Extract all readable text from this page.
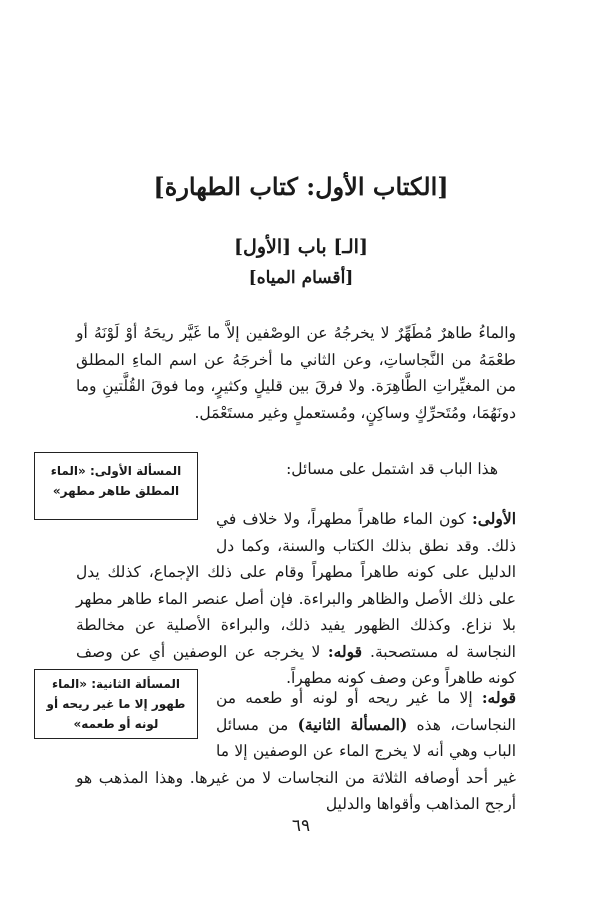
[الكتاب الأول: كتاب الطهارة]
[الـ] باب [الأول]
[أقسام المياه]

والماءُ طاهرٌ مُطَهِّرٌ لا يخرجُهُ عن الوصْفين إلاَّ ما غَيَّر ريحَهُ أوْ لَوْنَهُ أو طعْمَهُ من النَّجاساتِ، وعن الثاني ما أخرجَهُ عن اسم الماءِ المطلق من المغيِّراتِ الطَّاهِرَة. ولا فرقَ بين قليلٍ وكثيرٍ، وما فوقَ القُلَّتينِ وما دونَهُمَا، ومُتَحرِّكٍ وساكِنٍ، ومُستعملٍ وغير مستَعْمَل.

هذا الباب قد اشتمل على مسائل:

المسألة الأولى: «الماء المطلق طاهر مطهر»

الأولى: كون الماء طاهراً مطهراً، ولا خلاف في ذلك. وقد نطق بذلك الكتاب والسنة، وكما دل الدليل على كونه طاهراً مطهراً وقام على ذلك الإجماع، كذلك يدل على ذلك الأصل والظاهر والبراءة. فإن أصل عنصر الماء طاهر مطهر بلا نزاع. وكذلك الظهور يفيد ذلك، والبراءة الأصلية عن مخالطة النجاسة له مستصحبة. قوله: لا يخرجه عن الوصفين أي عن وصف كونه طاهراً وعن وصف كونه مطهراً.

المسألة الثانية: «الماء طهور إلا ما غير ريحه أو لونه أو طعمه»

قوله: إلا ما غير ريحه أو لونه أو طعمه من النجاسات، هذه (المسألة الثانية) من مسائل الباب وهي أنه لا يخرج الماء عن الوصفين إلا ما غير أحد أوصافه الثلاثة من النجاسات لا من غيرها. وهذا المذهب هو أرجح المذاهب وأقواها والدليل

٦٩
